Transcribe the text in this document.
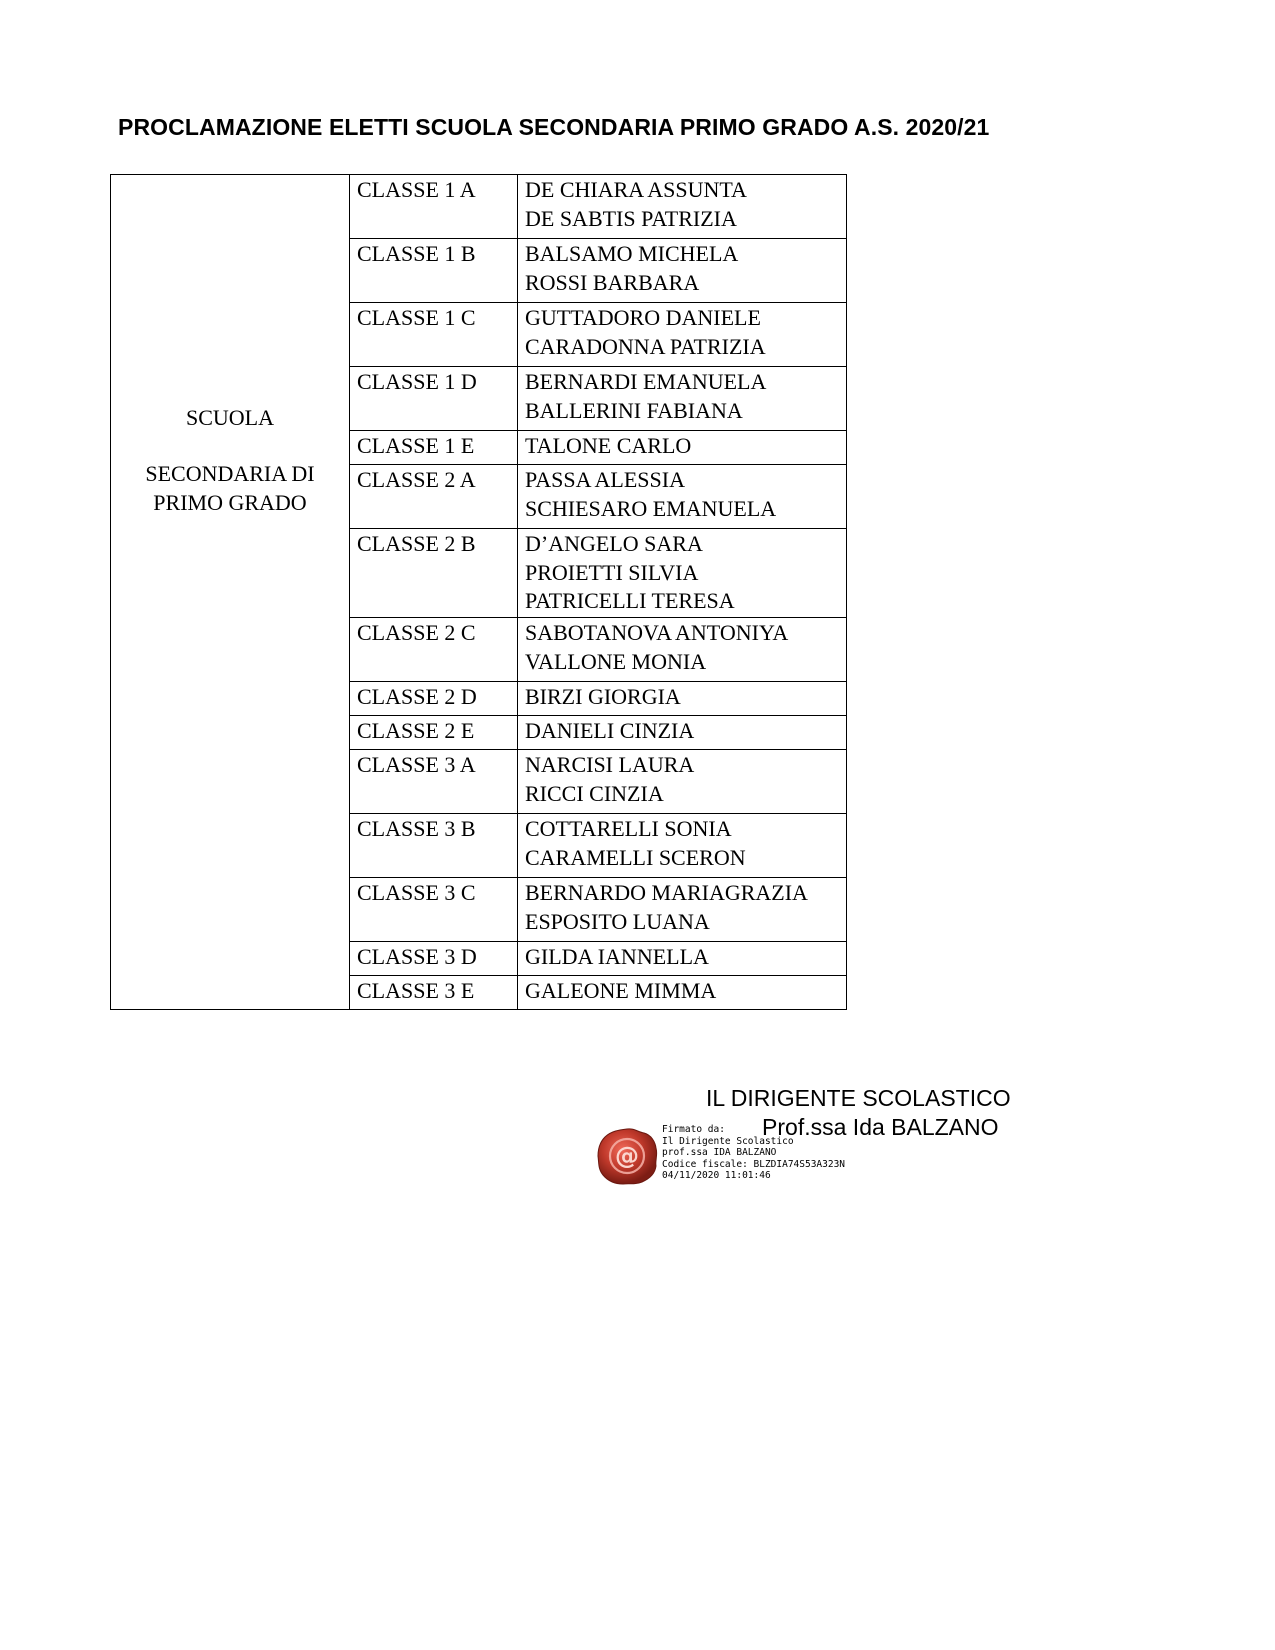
PROCLAMAZIONE ELETTI SCUOLA SECONDARIA PRIMO GRADO A.S. 2020/21
SCUOLA
SECONDARIA DI PRIMO GRADO	CLASSE 1 A	DE CHIARA ASSUNTA
DE SABTIS PATRIZIA

	CLASSE 1 B	BALSAMO MICHELA
ROSSI BARBARA

	CLASSE 1 C	GUTTADORO DANIELE
CARADONNA PATRIZIA

	CLASSE 1 D	BERNARDI EMANUELA
BALLERINI FABIANA

	CLASSE 1 E	TALONE CARLO

	CLASSE 2 A	PASSA ALESSIA
SCHIESARO EMANUELA

	CLASSE 2 B	D’ANGELO SARA
PROIETTI SILVIA
PATRICELLI TERESA

	CLASSE 2 C	SABOTANOVA ANTONIYA
VALLONE MONIA

	CLASSE 2 D	BIRZI GIORGIA

	CLASSE 2 E	DANIELI CINZIA

	CLASSE 3 A	NARCISI LAURA
RICCI CINZIA

	CLASSE 3 B	COTTARELLI SONIA
CARAMELLI SCERON

	CLASSE 3 C	BERNARDO MARIAGRAZIA
ESPOSITO LUANA

	CLASSE 3 D	GILDA IANNELLA

	CLASSE 3 E	GALEONE MIMMA
IL DIRIGENTE SCOLASTICO
Prof.ssa Ida BALZANO
@
Firmato da:
Il Dirigente Scolastico
prof.ssa IDA BALZANO
Codice fiscale: BLZDIA74S53A323N
04/11/2020 11:01:46
